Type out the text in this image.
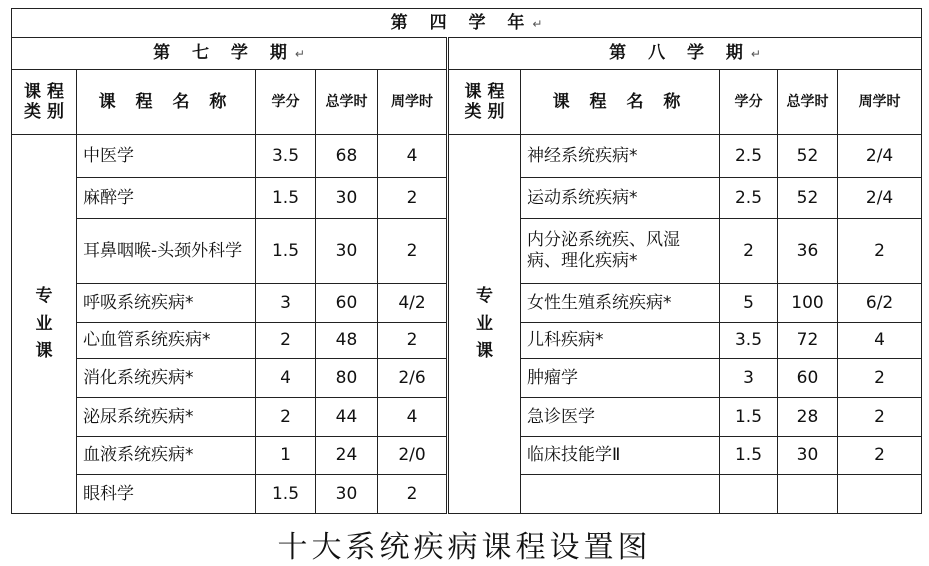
第 四 学 年↵									
第 七 学 期↵					第 八 学 期↵				
课 程 类 别	课 程 名 称	学分	总学时	周学时	课 程 类 别	课 程 名 称	学分	总学时	周学时
专 业 课	中医学	3.5	68	4	专 业 课	神经系统疾病*	2.5	52	2/4
	麻醉学	1.5	30	2		运动系统疾病*	2.5	52	2/4
	耳鼻咽喉-头颈外科学	1.5	30	2		内分泌系统疾、风湿病、理化疾病*	2	36	2
	呼吸系统疾病*	3	60	4/2		女性生殖系统疾病*	5	100	6/2
	心血管系统疾病*	2	48	2		儿科疾病*	3.5	72	4
	消化系统疾病*	4	80	2/6		肿瘤学	3	60	2
	泌尿系统疾病*	2	44	4		急诊医学	1.5	28	2
	血液系统疾病*	1	24	2/0		临床技能学Ⅱ	1.5	30	2
	眼科学	1.5	30	2					
十大系统疾病课程设置图
